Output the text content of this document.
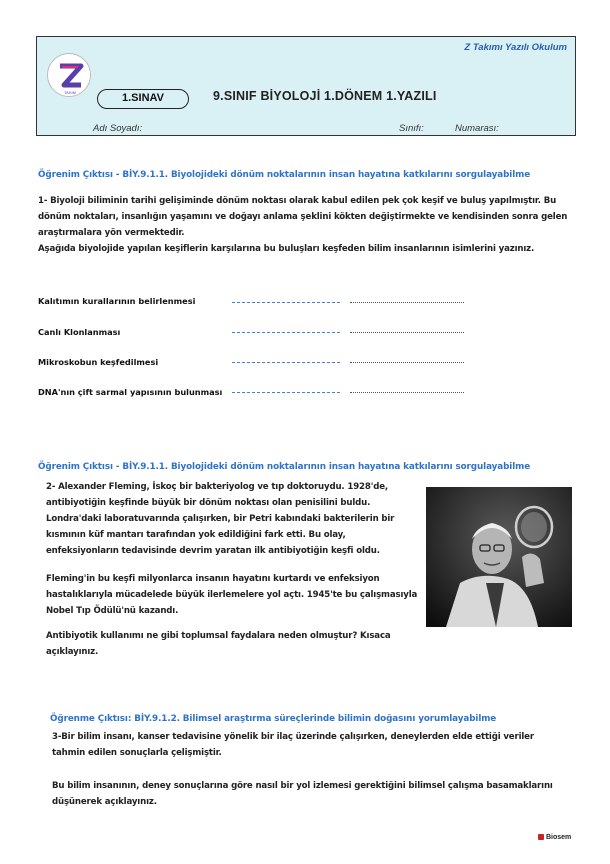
Z Takımı Yazılı Okulum
TAKIM	1.SINAV	9.SINIF BİYOLOJİ 1.DÖNEM 1.YAZILI
Adı Soyadı:	Sınıfı:	Numarası:
Öğrenim Çıktısı - BİY.9.1.1. Biyolojideki dönüm noktalarının insan hayatına katkılarını sorgulayabilme

1- Biyoloji biliminin tarihi̇ gelişiminde dönüm noktası olarak kabul edilen pek çok keşif ve buluş yapılmıştır. Bu

dönüm noktaları, insanlığın yaşamını ve doğayı anlama şeklini kökten değiştirmekte ve kendisinden sonra gelen

araştırmalara yön vermektedir.

Aşağıda biyolojide yapılan keşiflerin karşılarına bu buluşları keşfeden bilim insanlarının isimlerini yazınız.

Kalıtımın kurallarının belirlenmesi
Canlı Klonlanması
Mikroskobun keşfedilmesi
DNA'nın çift sarmal yapısının bulunması
Öğrenim Çıktısı - BİY.9.1.1. Biyolojideki dönüm noktalarının insan hayatına katkılarını sorgulayabilme

2- Alexander Fleming, İskoç bir bakteriyolog ve tıp doktoruydu. 1928'de,

antibiyotiğin keşfinde büyük bir dönüm noktası olan penisilini buldu.

Londra'daki laboratuvarında çalışırken, bir Petri kabındaki bakterilerin bir

kısmının küf mantarı tarafından yok edildiğini fark etti. Bu olay,

enfeksiyonların tedavisinde devrim yaratan ilk antibiyotiğin keşfi oldu.

Fleming'in bu keşfi milyonlarca insanın hayatını kurtardı ve enfeksiyon

hastalıklarıyla mücadelede büyük ilerlemelere yol açtı. 1945'te bu çalışmasıyla

Nobel Tıp Ödülü'nü kazandı.

Antibiyotik kullanımı ne gibi toplumsal faydalara neden olmuştur? Kısaca

açıklayınız.

Öğrenme Çıktısı: BİY.9.1.2. Bilimsel araştırma süreçlerinde bilimin doğasını yorumlayabilme

3-Bir bilim insanı, kanser tedavisine yönelik bir ilaç üzerinde çalışırken, deneylerden elde ettiği veriler

tahmin edilen sonuçlarla çelişmiştir.

Bu bilim insanının, deney sonuçlarına göre nasıl bir yol izlemesi gerektiğini bilimsel çalışma basamaklarını

düşünerek açıklayınız.

Biosem
